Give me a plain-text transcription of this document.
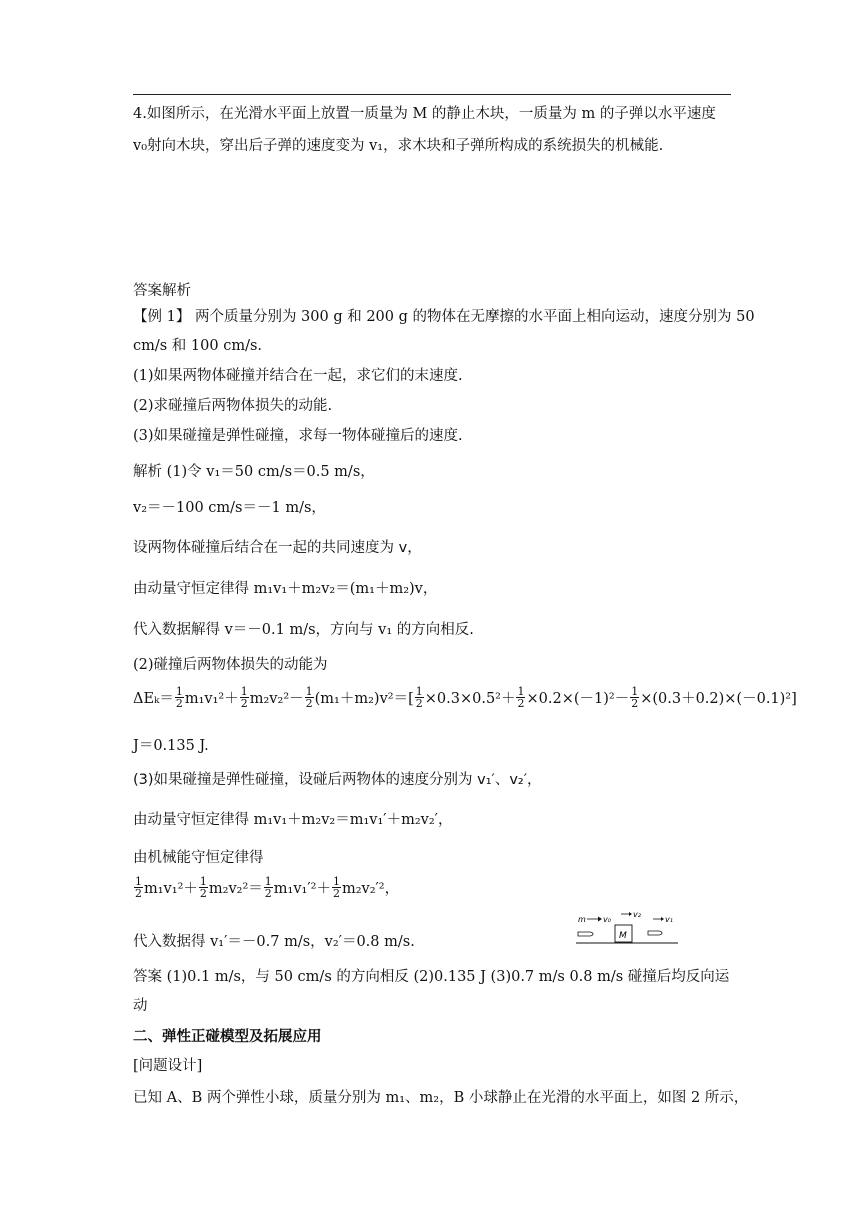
4.如图所示，在光滑水平面上放置一质量为 M 的静止木块，一质量为 m 的子弹以水平速度
v₀射向木块，穿出后子弹的速度变为 v₁，求木块和子弹所构成的系统损失的机械能.
答案解析
【例 1】 两个质量分别为 300 g 和 200 g 的物体在无摩擦的水平面上相向运动，速度分别为 50
cm/s 和 100 cm/s.
(1)如果两物体碰撞并结合在一起，求它们的末速度.
(2)求碰撞后两物体损失的动能.
(3)如果碰撞是弹性碰撞，求每一物体碰撞后的速度.
解析 (1)令 v₁＝50 cm/s＝0.5 m/s，
v₂＝－100 cm/s＝－1 m/s，
设两物体碰撞后结合在一起的共同速度为 v，
由动量守恒定律得 m₁v₁＋m₂v₂＝(m₁＋m₂)v，
代入数据解得 v＝－0.1 m/s，方向与 v₁ 的方向相反.
(2)碰撞后两物体损失的动能为
$\Delta E_k= \frac{1}{2} m_1v_1^2+ \frac{1}{2} m_2v_2^2- \frac{1}{2} (m_1+m_2)v^2=[ \frac{1}{2} \times 0.3\times 0.5^2+ \frac{1}{2} \times 0.2\times(-1)^2- \frac{1}{2} \times(0.3+0.2)\times(-0.1)^2]$
J＝0.135 J.
(3)如果碰撞是弹性碰撞，设碰后两物体的速度分别为 v₁′、v₂′，
由动量守恒定律得 m₁v₁＋m₂v₂＝m₁v₁′＋m₂v₂′，
由机械能守恒定律得
$\frac{1}{2} m_1v_1^2+ \frac{1}{2} m_2v_2^2= \frac{1}{2} m_1v_1'^2+ \frac{1}{2} m_2v_2'^2$，
代入数据得 v₁′＝－0.7 m/s，v₂′＝0.8 m/s.
m v₀
v₂
v₁
M
答案 (1)0.1 m/s，与 50 cm/s 的方向相反 (2)0.135 J (3)0.7 m/s 0.8 m/s 碰撞后均反向运
动
二、弹性正碰模型及拓展应用
[问题设计]
已知 A、B 两个弹性小球，质量分别为 m₁、m₂，B 小球静止在光滑的水平面上，如图 2 所示，
